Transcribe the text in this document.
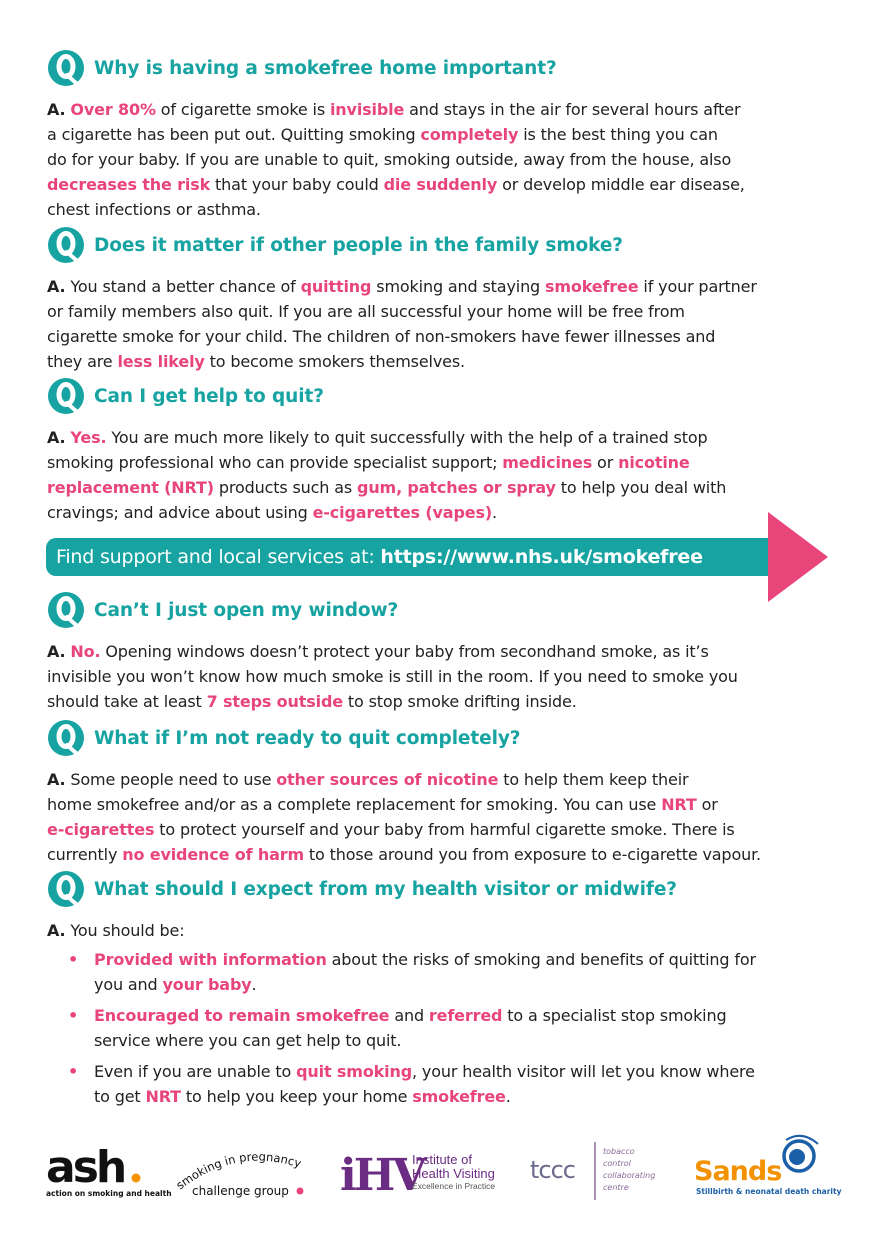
Why is having a smokefree home important?
A. Over 80% of cigarette smoke is invisible and stays in the air for several hours after
a cigarette has been put out. Quitting smoking completely is the best thing you can
do for your baby. If you are unable to quit, smoking outside, away from the house, also
decreases the risk that your baby could die suddenly or develop middle ear disease,
chest infections or asthma.
Does it matter if other people in the family smoke?
A. You stand a better chance of quitting smoking and staying smokefree if your partner
or family members also quit. If you are all successful your home will be free from
cigarette smoke for your child. The children of non-smokers have fewer illnesses and
they are less likely to become smokers themselves.
Can I get help to quit?
A. Yes. You are much more likely to quit successfully with the help of a trained stop
smoking professional who can provide specialist support; medicines or nicotine
replacement (NRT) products such as gum, patches or spray to help you deal with
cravings; and advice about using e-cigarettes (vapes).
Find support and local services at: https://www.nhs.uk/smokefree
Can’t I just open my window?
A. No. Opening windows doesn’t protect your baby from secondhand smoke, as it’s
invisible you won’t know how much smoke is still in the room. If you need to smoke you
should take at least 7 steps outside to stop smoke drifting inside.
What if I’m not ready to quit completely?
A. Some people need to use other sources of nicotine to help them keep their
home smokefree and/or as a complete replacement for smoking. You can use NRT or
e-cigarettes to protect yourself and your baby from harmful cigarette smoke. There is
currently no evidence of harm to those around you from exposure to e-cigarette vapour.
What should I expect from my health visitor or midwife?
A. You should be:
• Provided with information about the risks of smoking and benefits of quitting for
you and your baby.
• Encouraged to remain smokefree and referred to a specialist stop smoking
service where you can get help to quit.
• Even if you are unable to quit smoking, your health visitor will let you know where
to get NRT to help you keep your home smokefree.
ash
action on smoking and health
smoking in pregnancy
challenge group iHV
Institute of
Health Visiting
Excellence in Practice
tccc
tobacco
control
collaborating
centre
Sands
Stillbirth & neonatal death charity
